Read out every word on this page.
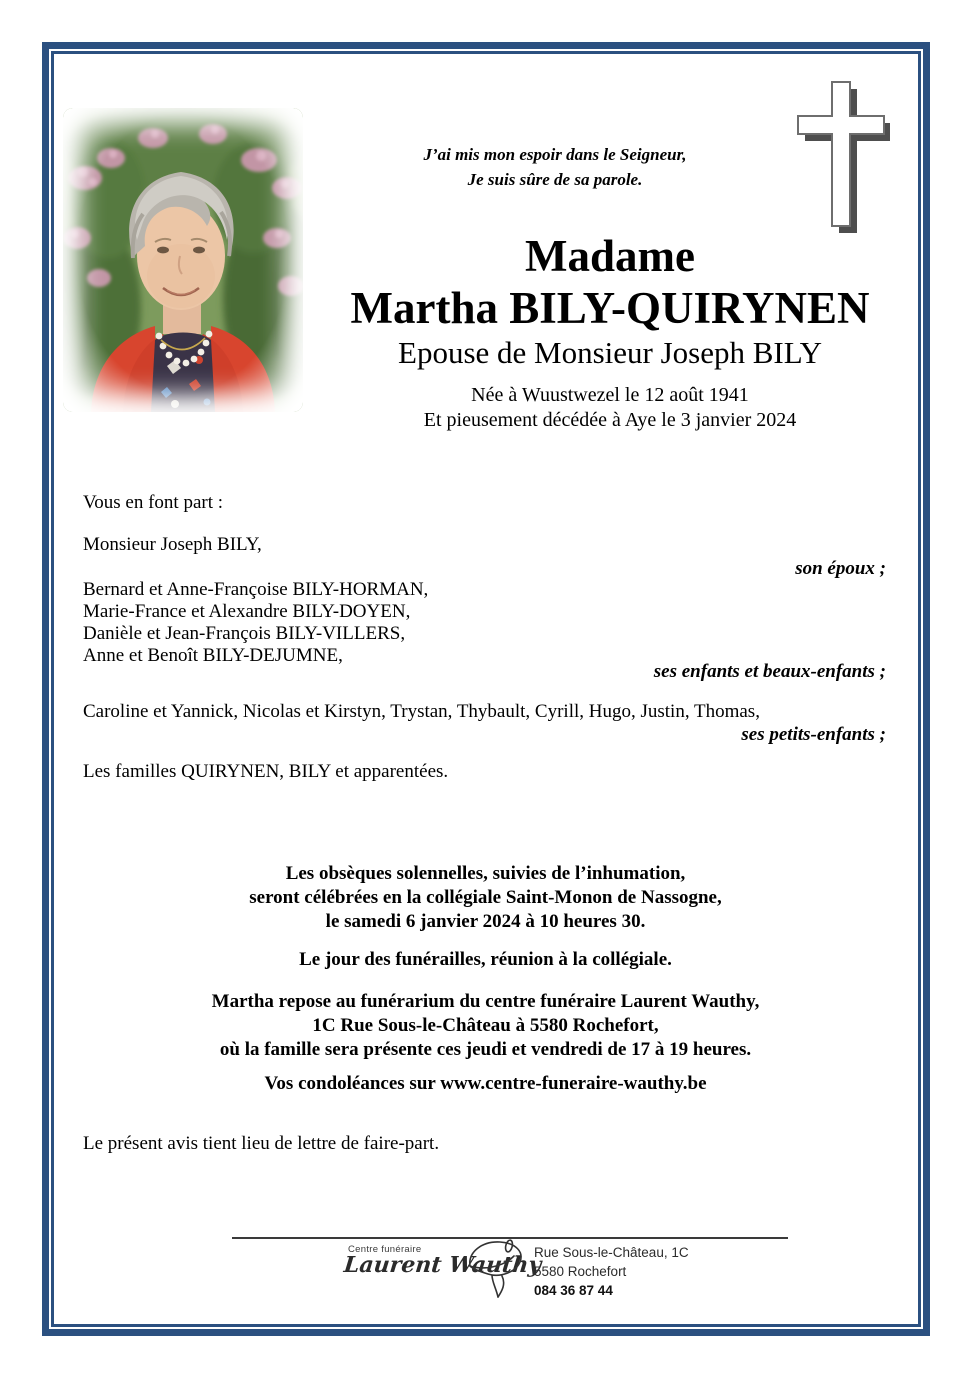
J’ai mis mon espoir dans le Seigneur,
Je suis sûre de sa parole.
Madame
Martha BILY-QUIRYNEN
Epouse de Monsieur Joseph BILY
Née à Wuustwezel le 12 août 1941
Et pieusement décédée à Aye le 3 janvier 2024
Vous en font part :
Monsieur Joseph BILY,
son époux ;
Bernard et Anne-Françoise BILY-HORMAN,
Marie-France et Alexandre BILY-DOYEN,
Danièle et Jean-François BILY-VILLERS,
Anne et Benoît BILY-DEJUMNE,
ses enfants et beaux-enfants ;
Caroline et Yannick, Nicolas et Kirstyn, Trystan, Thybault, Cyrill, Hugo, Justin, Thomas,
ses petits-enfants ;
Les familles QUIRYNEN, BILY et apparentées.
Les obsèques solennelles, suivies de l’inhumation,
seront célébrées en la collégiale Saint-Monon de Nassogne,
le samedi 6 janvier 2024 à 10 heures 30.
Le jour des funérailles, réunion à la collégiale.
Martha repose au funérarium du centre funéraire Laurent Wauthy,
1C Rue Sous-le-Château à 5580 Rochefort,
où la famille sera présente ces jeudi et vendredi de 17 à 19 heures.
Vos condoléances sur www.centre-funeraire-wauthy.be
Le présent avis tient lieu de lettre de faire-part.
Centre funéraire
Laurent Wauthy
Rue Sous-le-Château, 1C
5580 Rochefort
084 36 87 44
